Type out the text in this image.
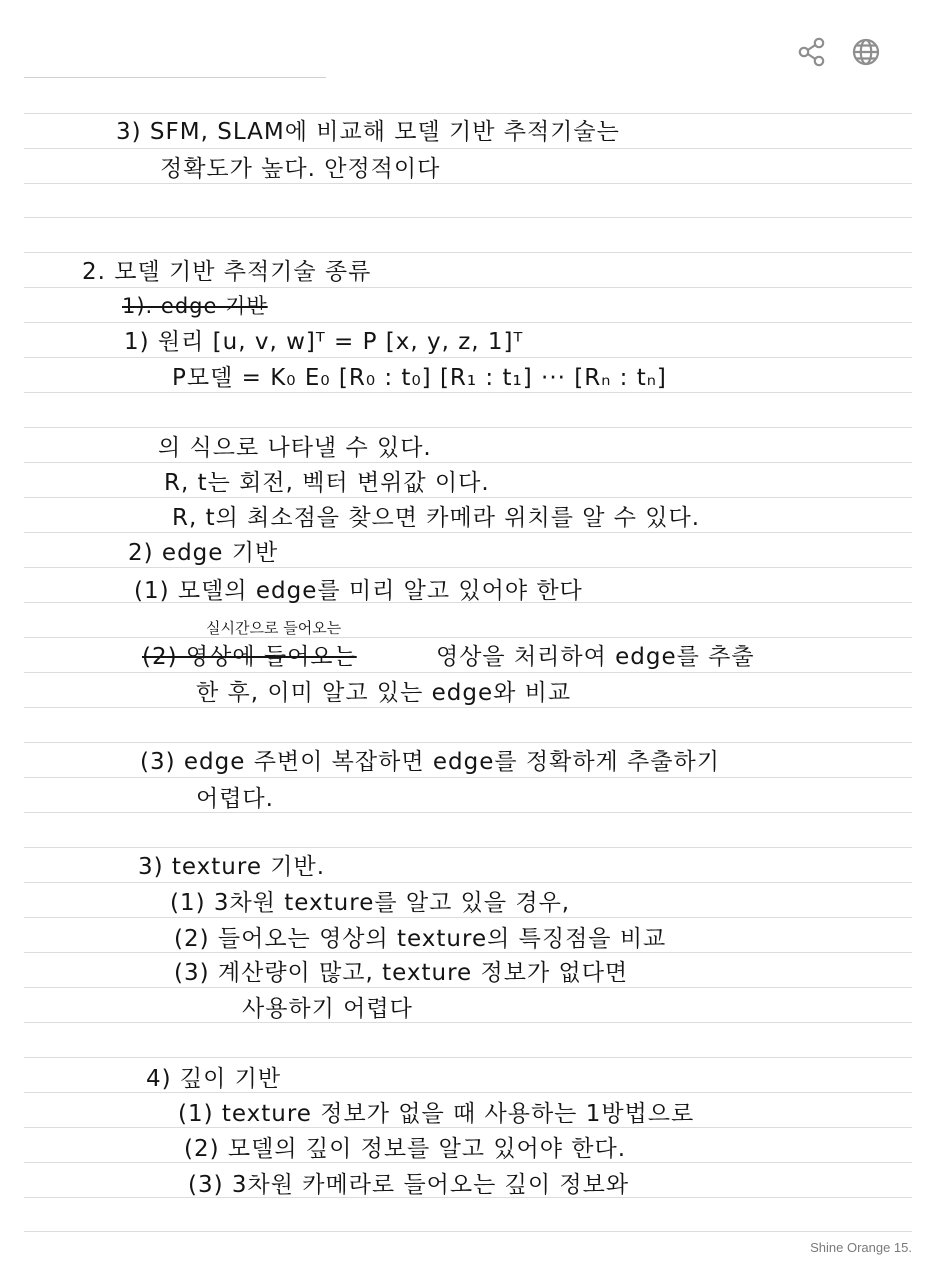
3) SFM, SLAM에 비교해 모델 기반 추적기술는
정확도가 높다. 안정적이다
2. 모델 기반 추적기술 종류
1). edge 기반
1) 원리 [u, v, w]ᵀ = P [x, y, z, 1]ᵀ
P모델 = K₀ E₀ [R₀ : t₀] [R₁ : t₁] ··· [Rₙ : tₙ]
의 식으로 나타낼 수 있다.
R, t는 회전, 벡터 변위값 이다.
R, t의 최소점을 찾으면 카메라 위치를 알 수 있다.
2) edge 기반
(1) 모델의 edge를 미리 알고 있어야 한다
실시간으로 들어오는
(2) 영상에 들어오는	영상을 처리하여 edge를 추출
한 후, 이미 알고 있는 edge와 비교
(3) edge 주변이 복잡하면 edge를 정확하게 추출하기
어렵다.
3) texture 기반.
(1) 3차원 texture를 알고 있을 경우,
(2) 들어오는 영상의 texture의 특징점을 비교
(3) 계산량이 많고, texture 정보가 없다면
사용하기 어렵다
4) 깊이 기반
(1) texture 정보가 없을 때 사용하는 1방법으로
(2) 모델의 깊이 정보를 알고 있어야 한다.
(3) 3차원 카메라로 들어오는 깊이 정보와
Shine Orange 15.
